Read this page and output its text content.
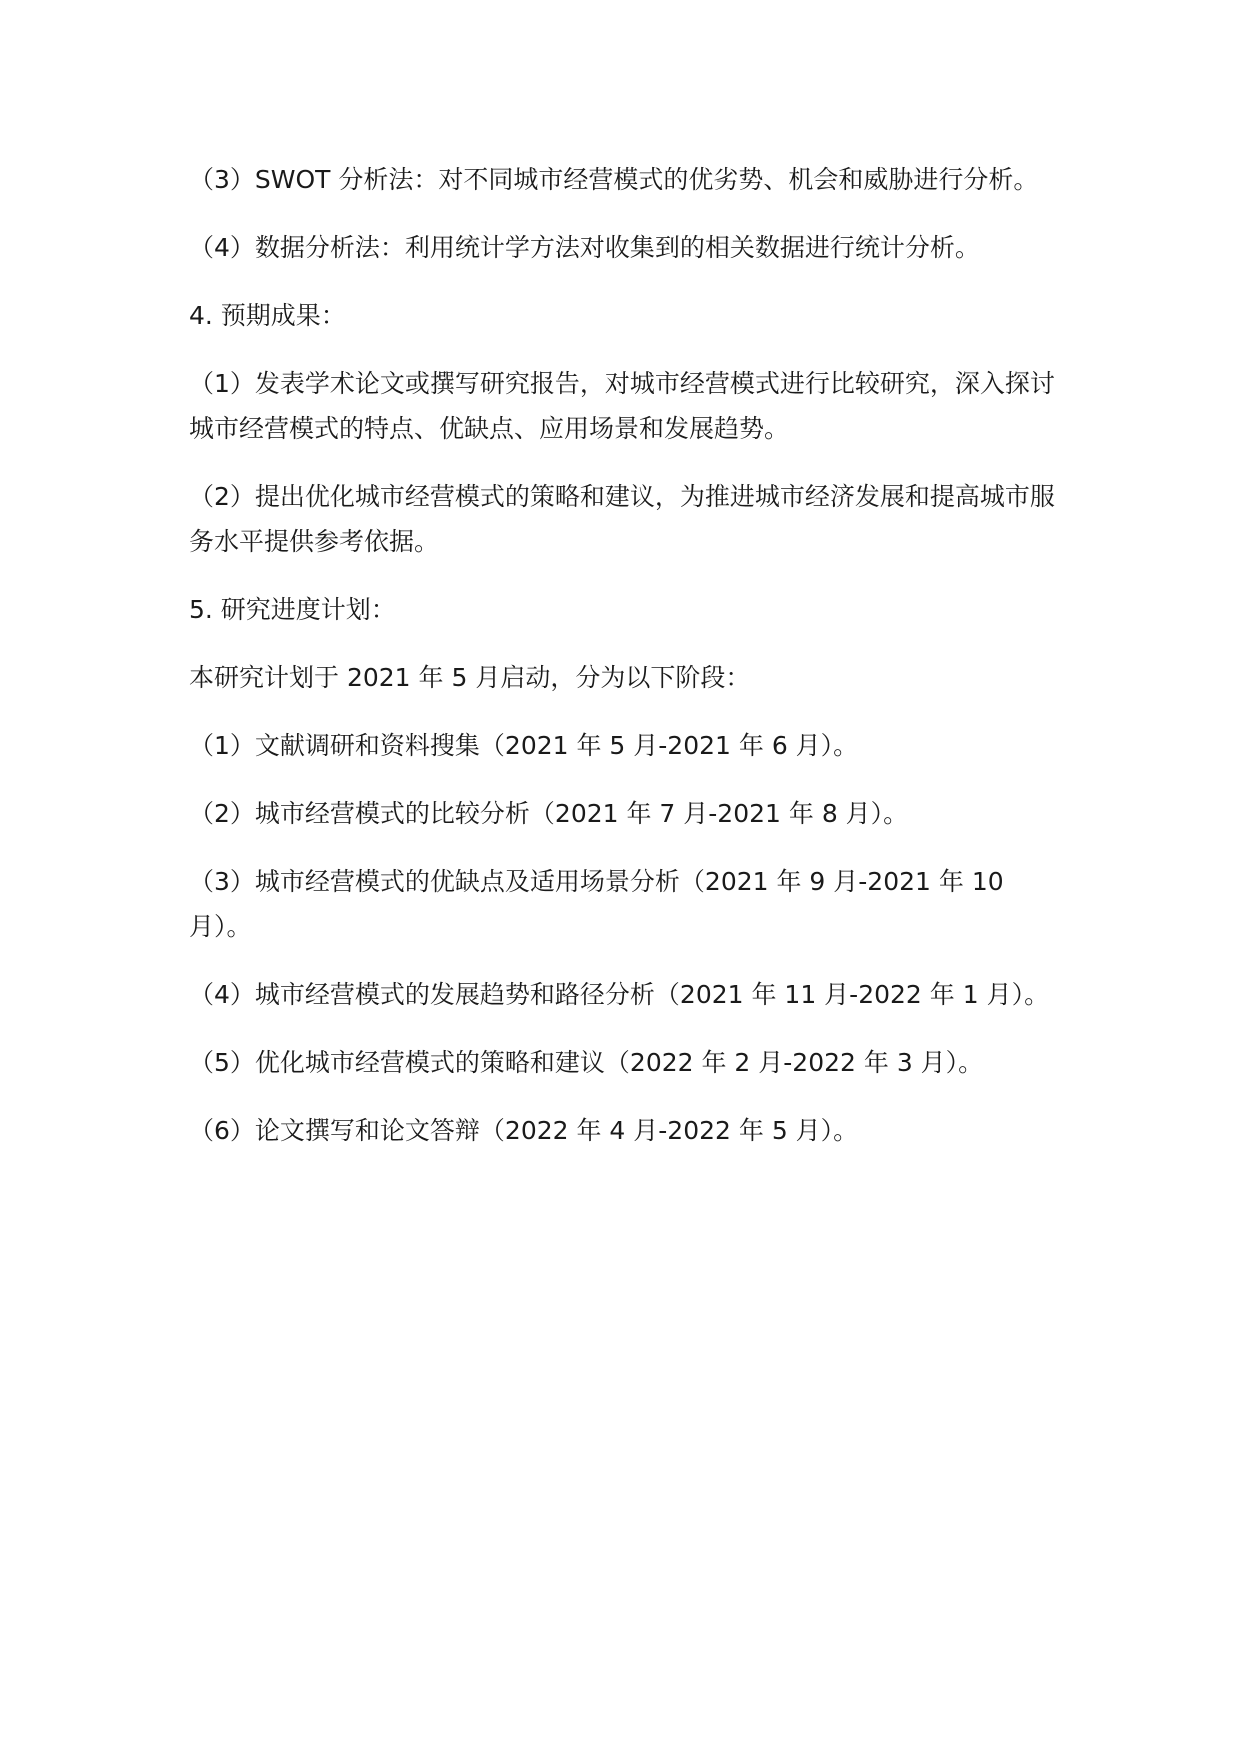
（3）SWOT 分析法：对不同城市经营模式的优劣势、机会和威胁进行分析。

（4）数据分析法：利用统计学方法对收集到的相关数据进行统计分析。

4. 预期成果：

（1）发表学术论文或撰写研究报告，对城市经营模式进行比较研究，深入探讨城市经营模式的特点、优缺点、应用场景和发展趋势。

（2）提出优化城市经营模式的策略和建议，为推进城市经济发展和提高城市服务水平提供参考依据。

5. 研究进度计划：

本研究计划于 2021 年 5 月启动，分为以下阶段：

（1）文献调研和资料搜集（2021 年 5 月-2021 年 6 月）。

（2）城市经营模式的比较分析（2021 年 7 月-2021 年 8 月）。

（3）城市经营模式的优缺点及适用场景分析（2021 年 9 月-2021 年 10 月）。

（4）城市经营模式的发展趋势和路径分析（2021 年 11 月-2022 年 1 月）。

（5）优化城市经营模式的策略和建议（2022 年 2 月-2022 年 3 月）。

（6）论文撰写和论文答辩（2022 年 4 月-2022 年 5 月）。
